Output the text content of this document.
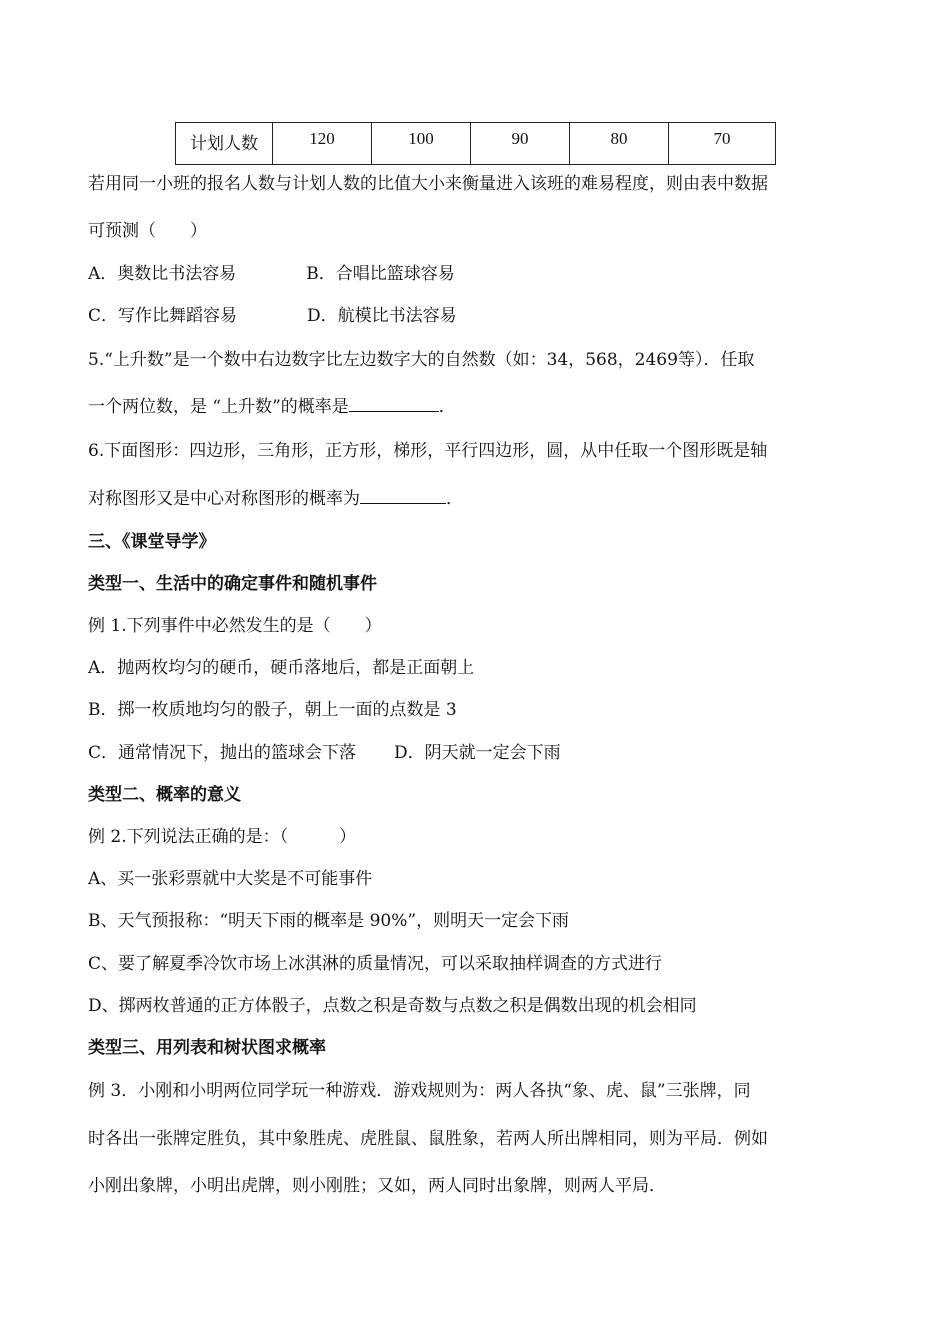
计划人数	120	100	90	80	70
若用同一小班的报名人数与计划人数的比值大小来衡量进入该班的难易程度，则由表中数据
可预测（　　）
A．奥数比书法容易	B．合唱比篮球容易
C．写作比舞蹈容易	D．航模比书法容易
5.“上升数”是一个数中右边数字比左边数字大的自然数（如：34，568，2469等）．任取
一个两位数，是 “上升数”的概率是	．
6.下面图形：四边形，三角形，正方形，梯形，平行四边形，圆，从中任取一个图形既是轴
对称图形又是中心对称图形的概率为	．
三、《课堂导学》
类型一、生活中的确定事件和随机事件
例 1.下列事件中必然发生的是（　　）
A．抛两枚均匀的硬币，硬币落地后，都是正面朝上
B．掷一枚质地均匀的骰子，朝上一面的点数是 3
C．通常情况下，抛出的篮球会下落 D．阴天就一定会下雨
类型二、概率的意义
例 2.下列说法正确的是：（　　　）
A、买一张彩票就中大奖是不可能事件
B、天气预报称：“明天下雨的概率是 90%”，则明天一定会下雨
C、要了解夏季冷饮市场上冰淇淋的质量情况，可以采取抽样调查的方式进行
D、掷两枚普通的正方体骰子，点数之积是奇数与点数之积是偶数出现的机会相同
类型三、用列表和树状图求概率
例 3．小刚和小明两位同学玩一种游戏．游戏规则为：两人各执“象、虎、鼠”三张牌，同
时各出一张牌定胜负，其中象胜虎、虎胜鼠、鼠胜象，若两人所出牌相同，则为平局．例如
小刚出象牌，小明出虎牌，则小刚胜；又如，两人同时出象牌，则两人平局．
